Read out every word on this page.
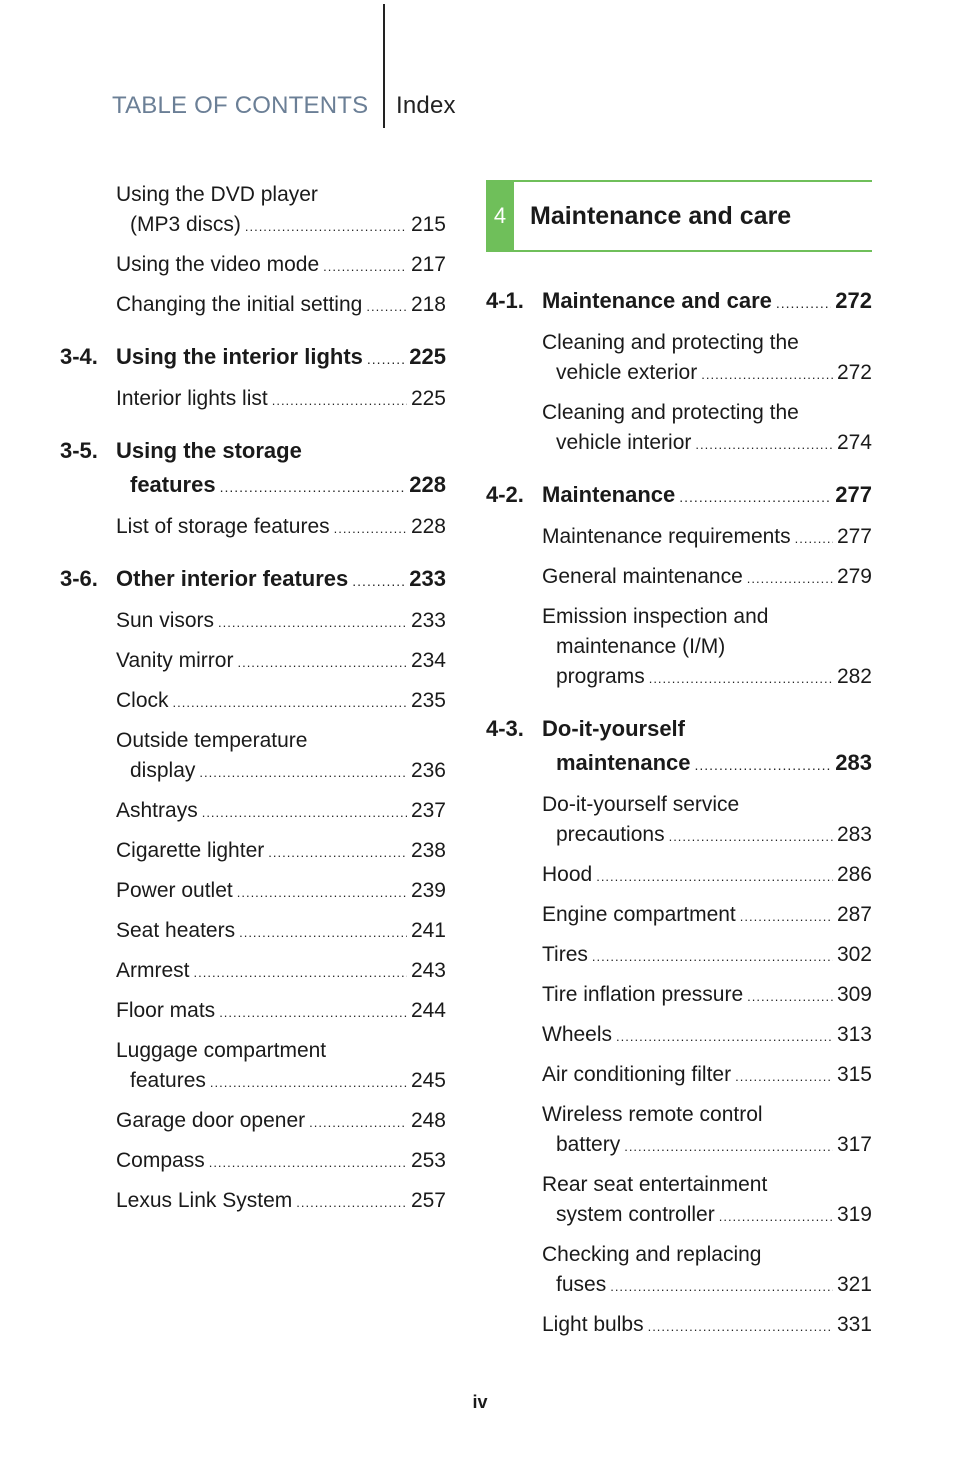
TABLE OF CONTENTS Index
Using the DVD player
(MP3 discs) .....	215
Using the video mode .....	217
Changing the initial setting ..... 218
3-4. Using the interior lights ..... 225
Interior lights list .....	225
3-5. Using the storage
features .....	228
List of storage features .....	228
3-6. Other interior features .....	233
Sun visors .....	233
Vanity mirror .....	234
Clock .....	235
Outside temperature
display .....	236
Ashtrays .....	237
Cigarette lighter .....	238
Power outlet .....	239
Seat heaters .....	241
Armrest .....	243
Floor mats .....	244
Luggage compartment
features .....	245
Garage door opener .....	248
Compass .....	253
Lexus Link System .....	257
4 Maintenance and care
4-1. Maintenance and care .....	272
Cleaning and protecting the
vehicle exterior .....	272
Cleaning and protecting the
vehicle interior .....	274
4-2. Maintenance .....	277
Maintenance requirements ..... 277
General maintenance .....	279
Emission inspection and
maintenance (I/M)
programs .....	282
4-3. Do-it-yourself
maintenance .....	283
Do-it-yourself service
precautions .....	283
Hood .....	286
Engine compartment .....	287
Tires .....	302
Tire inflation pressure .....	309
Wheels .....	313
Air conditioning filter .....	315
Wireless remote control
battery .....	317
Rear seat entertainment
system controller .....	319
Checking and replacing
fuses .....	321
Light bulbs .....	331
iv
